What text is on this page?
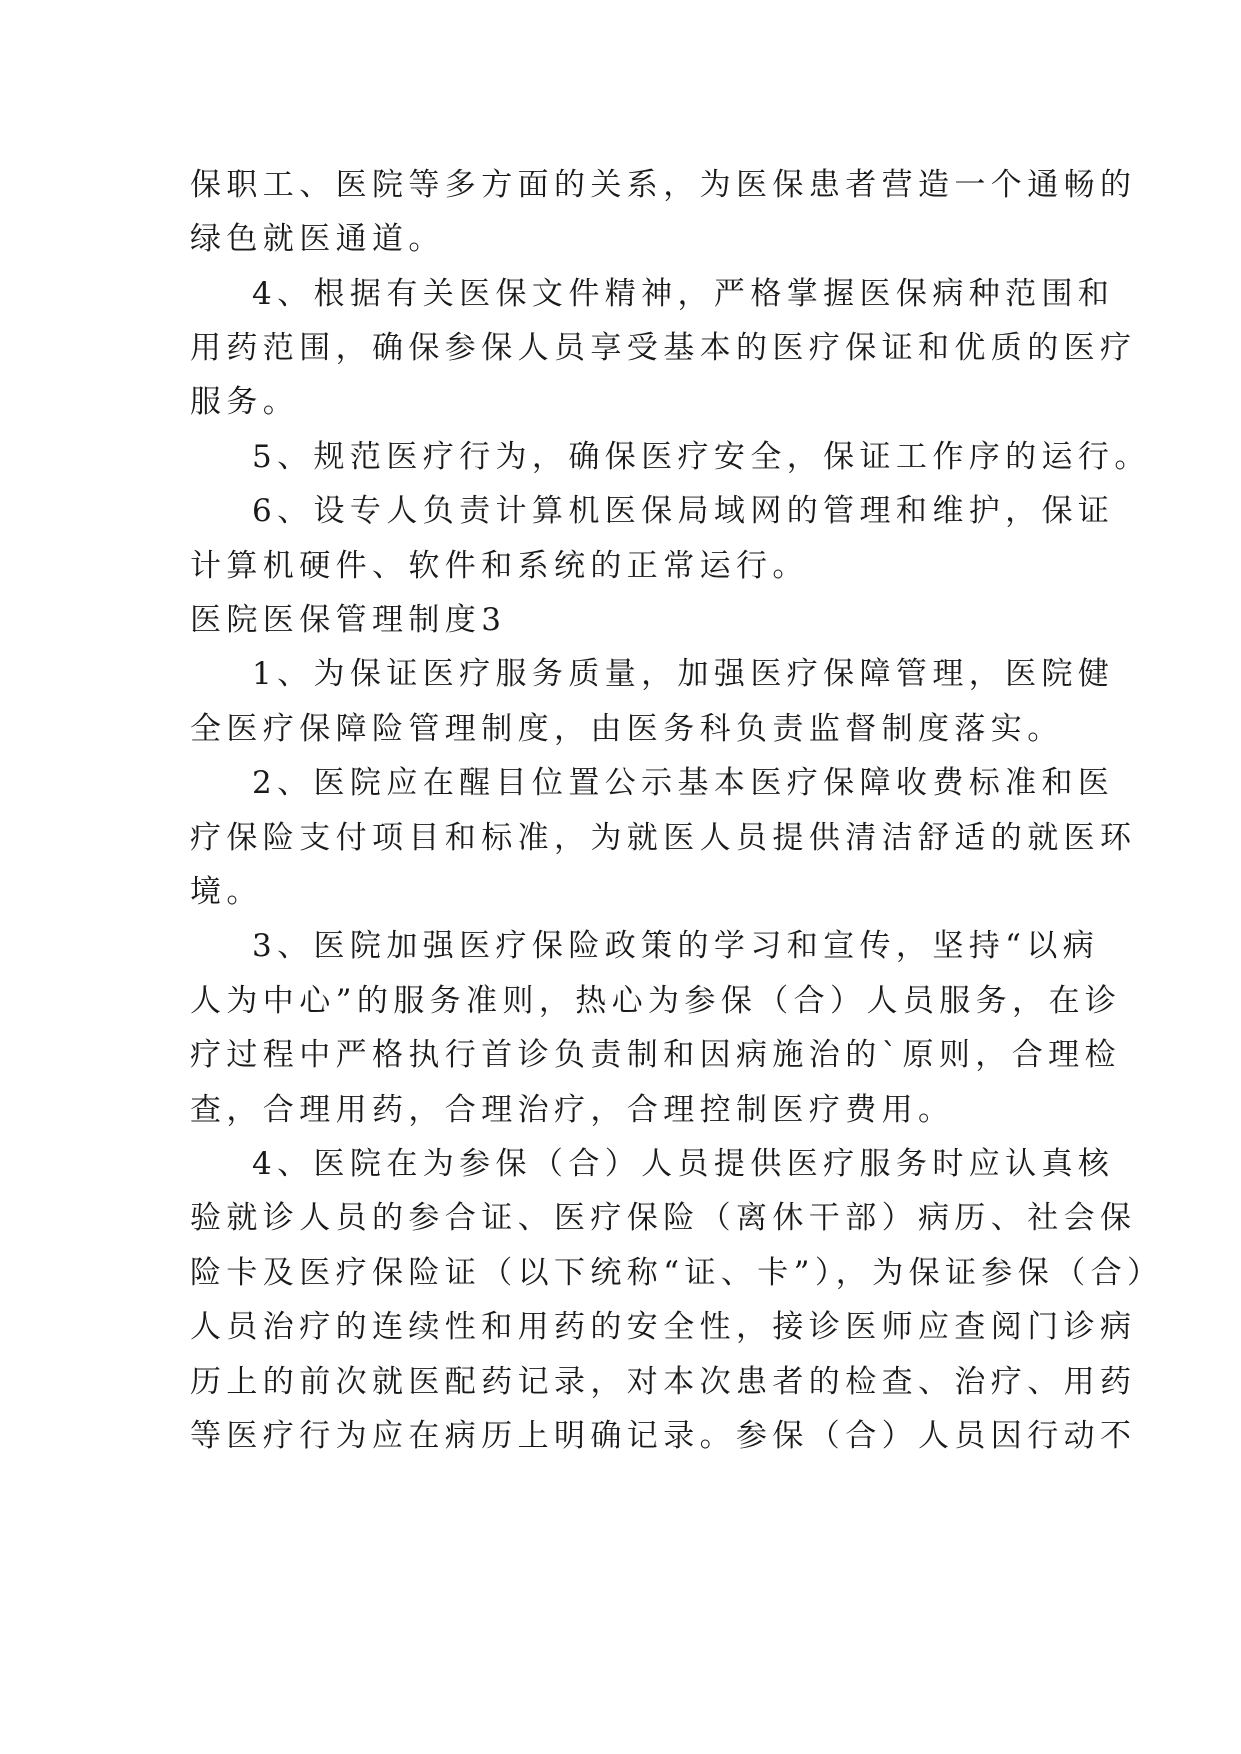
保职工、医院等多方面的关系，为医保患者营造一个通畅的

绿色就医通道。

4、根据有关医保文件精神，严格掌握医保病种范围和

用药范围，确保参保人员享受基本的医疗保证和优质的医疗

服务。

5、规范医疗行为，确保医疗安全，保证工作序的运行。

6、设专人负责计算机医保局域网的管理和维护，保证

计算机硬件、软件和系统的正常运行。

医院医保管理制度3

1、为保证医疗服务质量，加强医疗保障管理，医院健

全医疗保障险管理制度，由医务科负责监督制度落实。

2、医院应在醒目位置公示基本医疗保障收费标准和医

疗保险支付项目和标准，为就医人员提供清洁舒适的就医环

境。

3、医院加强医疗保险政策的学习和宣传，坚持“以病

人为中心”的服务准则，热心为参保（合）人员服务，在诊

疗过程中严格执行首诊负责制和因病施治的`原则，合理检

查，合理用药，合理治疗，合理控制医疗费用。

4、医院在为参保（合）人员提供医疗服务时应认真核

验就诊人员的参合证、医疗保险（离休干部）病历、社会保

险卡及医疗保险证（以下统称“证、卡”），为保证参保（合）

人员治疗的连续性和用药的安全性，接诊医师应查阅门诊病

历上的前次就医配药记录，对本次患者的检查、治疗、用药

等医疗行为应在病历上明确记录。参保（合）人员因行动不
